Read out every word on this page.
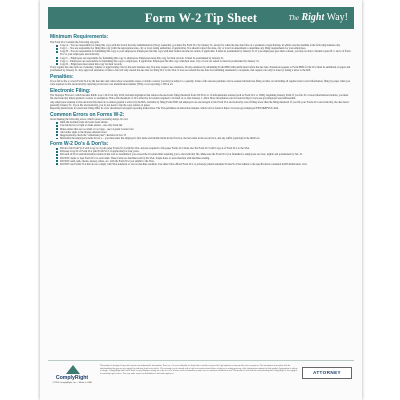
Form W-2 Tip Sheet	The Right Way!
Minimum Requirements:
The Form W-2 contains the following six parts:
Copy A – You are responsible for filing this copy with the Social Security Administration (SSA). Generally, you must file Form W-2 by January 31, except for when the due date falls on a weekend or legal holiday, in which case the deadline is the following business day.
Copy 1 – You are responsible for filing this copy (with the appropriate state, city or local taxing authorities, if applicable). You should contact the state, city or local tax department to determine any filing requirements for your employees.
Copy B – You are responsible for furnishing this copy to your employees. Employees file this copy with their federal income tax return, if applicable. It must be postmarked by January 31. If your employees give their consent, you may be able to furnish copies B, C and 2 of Form W-2 to your employees electronically.
Copy C – Employees are responsible for furnishing this copy to employees. Employees keep this copy for their records. It must be postmarked by January 31.
Copy 2 – Employees are responsible for furnishing this copy to employees, if applicable. Employees file this copy with their state, city or local tax return. It must be postmarked by January 31.
Copy D – Employers must retain this copy for their records.
If any regular due date falls on a Saturday, Sunday or legal holiday, file by the next business day. You may request one extension. 30-day extension by submitting Form 8809 with justification before the due date. Extension requests to Form 8809 for the W-2 must be submitted on paper and postmarked by January 31. Any approved extension of time to file will only extend the due date for filing W-2 to the SSA. It does not extend the due date for furnishing statements to recipients, that request can only be done by faxing a letter to the IRS.
Penalties:
If you fail to file a correct Form W-2 by the due date and cannot show reasonable cause or obtain a waiver you may be subject to a penalty. Some of the reasons penalties can be assessed include late filing on time, not including all required and correct information, filing by paper when you were required to file electronically, reporting an incorrect tax identification number (TIN) or not reporting a TIN at all.
Electronic Filing:
The Taxpayer First Act, which became Public Law 116-25 in July 2019, included legislation that reduces the electronic filing threshold from 250 W-2s to 10 informational returns (such as Form W-2 or 1099), beginning January 2024. If you file 10 or more informational returns, you must file electronically unless granted a waiver or exemption. This e-file threshold of 10 is effective for returns required to be filed on or after January 1, 2024. More information can be found at https://www.ssa.gov/employer/ssawebfiles.html.
Any employers required to file electronically must do so unless granted a waiver by the IRS, available by filing Form 8508. All employers are encouraged to file Form W-2 electronically even if filing fewer than the filing threshold. If you file your Forms W-2 electronically, the due date is generally January 31. If you file electronically, you do not need to file the copy returns on paper.
Reporting instructions for electronic filing differ in a few situations from paper reporting instructions. The SSA publishes an instruction manual, which can be found at https://www.ssa.gov/employer/EFW2&EFW2C.htm.
Common Errors on Forms W-2:
Avoid making the following errors, which cause processing delays. Do not:
Omit the decimal point and cents from entries
Use ink that is too light to make entries – use only black ink
Make entries that are too small or too large – use 12-point Courier font
Add dollar signs to the money-amount boxes
Inappropriately check the "retirement plan" checkbox in box 13
Misformat the employee's name in box e – you must enter the employee's first name and middle initial in the first box, the last name in the second box, and any suffix (optional) in the third box
Form W-2 Do's & Don'ts:
DO also file Form W-3 with Copy A of your paper Forms W-2 with the SSA. Anyone required to file paper Forms W-2 must also file Form W-3 with Copy A of Form W-2 to the SSA.
DO keep Copy D of Form W-2 (and Form W-3, if applicable) for four years.
DO send all W-2s and information returns in the total to determine if you exceed the 10 return limit requiring you to electronically file. Make sure the Form W-2 you furnished to employees are clear, legible and postmarked by Jan. 31.
DO NOT staple or tape Form W-2 to each other. These forms are machine read by the SSA. Staple holes or tears interfere with machine reading.
DO NOT send cash, checks, money orders, etc. with the Form W-2 you submit to the SSA.
DO NOT use Forms W-2 that do not comply with SSA standards or are not machine readable. Use either SSA official Form W-2 or privately printed substitute Forms W-2 that adhere to the specifications contained in IRS Publication 1141.
ComplyRight
©2024 ComplyRight, Inc. • Made in USA
This product is designed to provide accurate and authoritative information. However, it is not a substitute for legal advice and does not provide legal opinions on any specific facts or practices. The information is provided with the understanding that you are not engaged in rendering legal or tax advice. We encourage you to consult with a legal or tax professional before relying on or acting upon any of the information contained in this product. Information is subject to change. ComplyRight shall not be liable for any damages arising out of the use of or reliance on the information or any errors or omissions contained herein. This product is sold with the understanding that ComplyRight is not engaged in rendering legal services. You may make copies for distribution to staff and employees.	ATTORNEY
